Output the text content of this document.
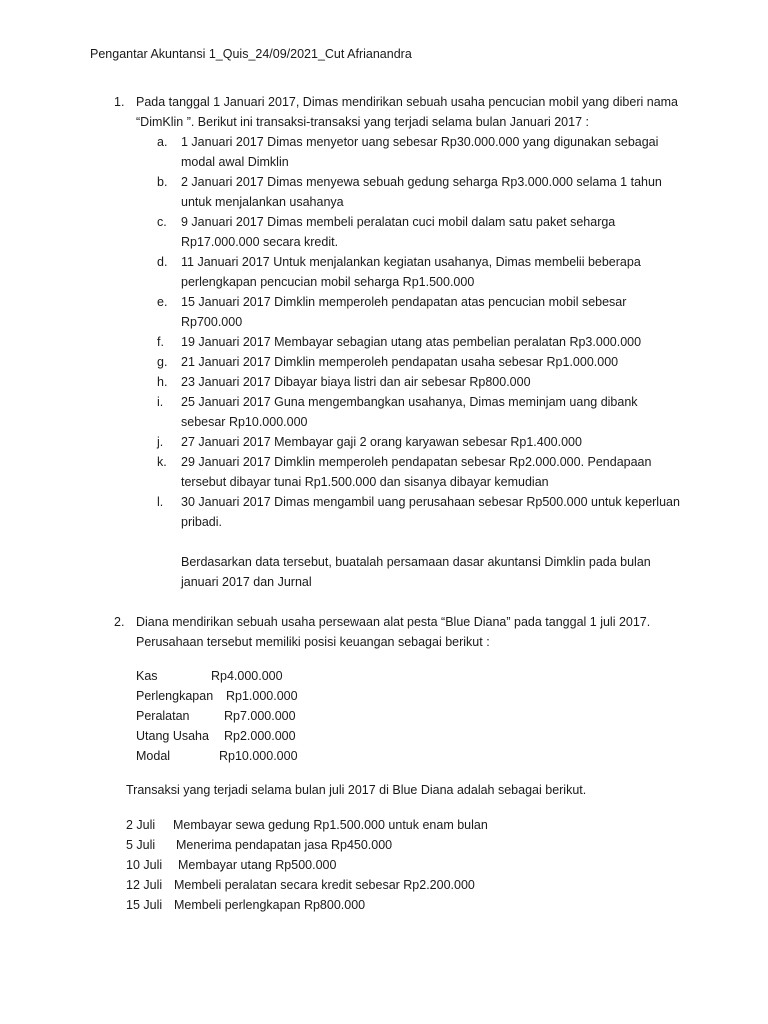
Pengantar Akuntansi 1_Quis_24/09/2021_Cut Afrianandra
1. Pada tanggal 1 Januari 2017, Dimas mendirikan sebuah usaha pencucian mobil yang diberi nama
“DimKlin ”. Berikut ini transaksi-transaksi yang terjadi selama bulan Januari 2017 :
a. 1 Januari 2017 Dimas menyetor uang sebesar Rp30.000.000 yang digunakan sebagai
modal awal Dimklin
b. 2 Januari 2017 Dimas menyewa sebuah gedung seharga Rp3.000.000 selama 1 tahun
untuk menjalankan usahanya
c. 9 Januari 2017 Dimas membeli peralatan cuci mobil dalam satu paket seharga
Rp17.000.000 secara kredit.
d. 11 Januari 2017 Untuk menjalankan kegiatan usahanya, Dimas membelii beberapa
perlengkapan pencucian mobil seharga Rp1.500.000
e. 15 Januari 2017 Dimklin memperoleh pendapatan atas pencucian mobil sebesar
Rp700.000
f. 19 Januari 2017 Membayar sebagian utang atas pembelian peralatan Rp3.000.000
g. 21 Januari 2017 Dimklin memperoleh pendapatan usaha sebesar Rp1.000.000
h. 23 Januari 2017 Dibayar biaya listri dan air sebesar Rp800.000
i. 25 Januari 2017 Guna mengembangkan usahanya, Dimas meminjam uang dibank
sebesar Rp10.000.000
j. 27 Januari 2017 Membayar gaji 2 orang karyawan sebesar Rp1.400.000
k. 29 Januari 2017 Dimklin memperoleh pendapatan sebesar Rp2.000.000. Pendapaan
tersebut dibayar tunai Rp1.500.000 dan sisanya dibayar kemudian
l. 30 Januari 2017 Dimas mengambil uang perusahaan sebesar Rp500.000 untuk keperluan
pribadi.
Berdasarkan data tersebut, buatalah persamaan dasar akuntansi Dimklin pada bulan
januari 2017 dan Jurnal
2. Diana mendirikan sebuah usaha persewaan alat pesta “Blue Diana” pada tanggal 1 juli 2017.
Perusahaan tersebut memiliki posisi keuangan sebagai berikut :
Kas	Rp4.000.000
Perlengkapan Rp1.000.000
Peralatan	Rp7.000.000
Utang Usaha Rp2.000.000
Modal	Rp10.000.000
Transaksi yang terjadi selama bulan juli 2017 di Blue Diana adalah sebagai berikut.
2 Juli Membayar sewa gedung Rp1.500.000 untuk enam bulan
5 Juli Menerima pendapatan jasa Rp450.000
10 Juli Membayar utang Rp500.000
12 Juli Membeli peralatan secara kredit sebesar Rp2.200.000
15 Juli Membeli perlengkapan Rp800.000
